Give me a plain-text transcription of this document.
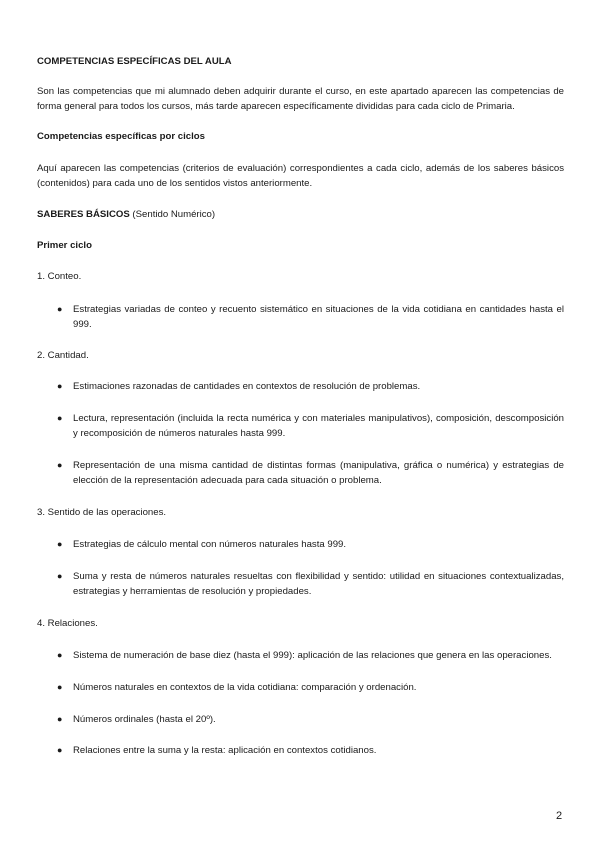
COMPETENCIAS ESPECÍFICAS DEL AULA

Son las competencias que mi alumnado deben adquirir durante el curso, en este apartado aparecen las competencias de forma general para todos los cursos, más tarde aparecen específicamente divididas para cada ciclo de Primaria.

Competencias específicas por ciclos

Aquí aparecen las competencias (criterios de evaluación) correspondientes a cada ciclo, además de los saberes básicos (contenidos) para cada uno de los sentidos vistos anteriormente.

SABERES BÁSICOS (Sentido Numérico)

Primer ciclo

1. Conteo.

● Estrategias variadas de conteo y recuento sistemático en situaciones de la vida cotidiana en cantidades hasta el 999.

2. Cantidad.

● Estimaciones razonadas de cantidades en contextos de resolución de problemas.

● Lectura, representación (incluida la recta numérica y con materiales manipulativos), composición, descomposición y recomposición de números naturales hasta 999.

● Representación de una misma cantidad de distintas formas (manipulativa, gráfica o numérica) y estrategias de elección de la representación adecuada para cada situación o problema.

3. Sentido de las operaciones.

● Estrategias de cálculo mental con números naturales hasta 999.

● Suma y resta de números naturales resueltas con flexibilidad y sentido: utilidad en situaciones contextualizadas, estrategias y herramientas de resolución y propiedades.

4. Relaciones.

● Sistema de numeración de base diez (hasta el 999): aplicación de las relaciones que genera en las operaciones.

● Números naturales en contextos de la vida cotidiana: comparación y ordenación.

● Números ordinales (hasta el 20º).

● Relaciones entre la suma y la resta: aplicación en contextos cotidianos.

2
